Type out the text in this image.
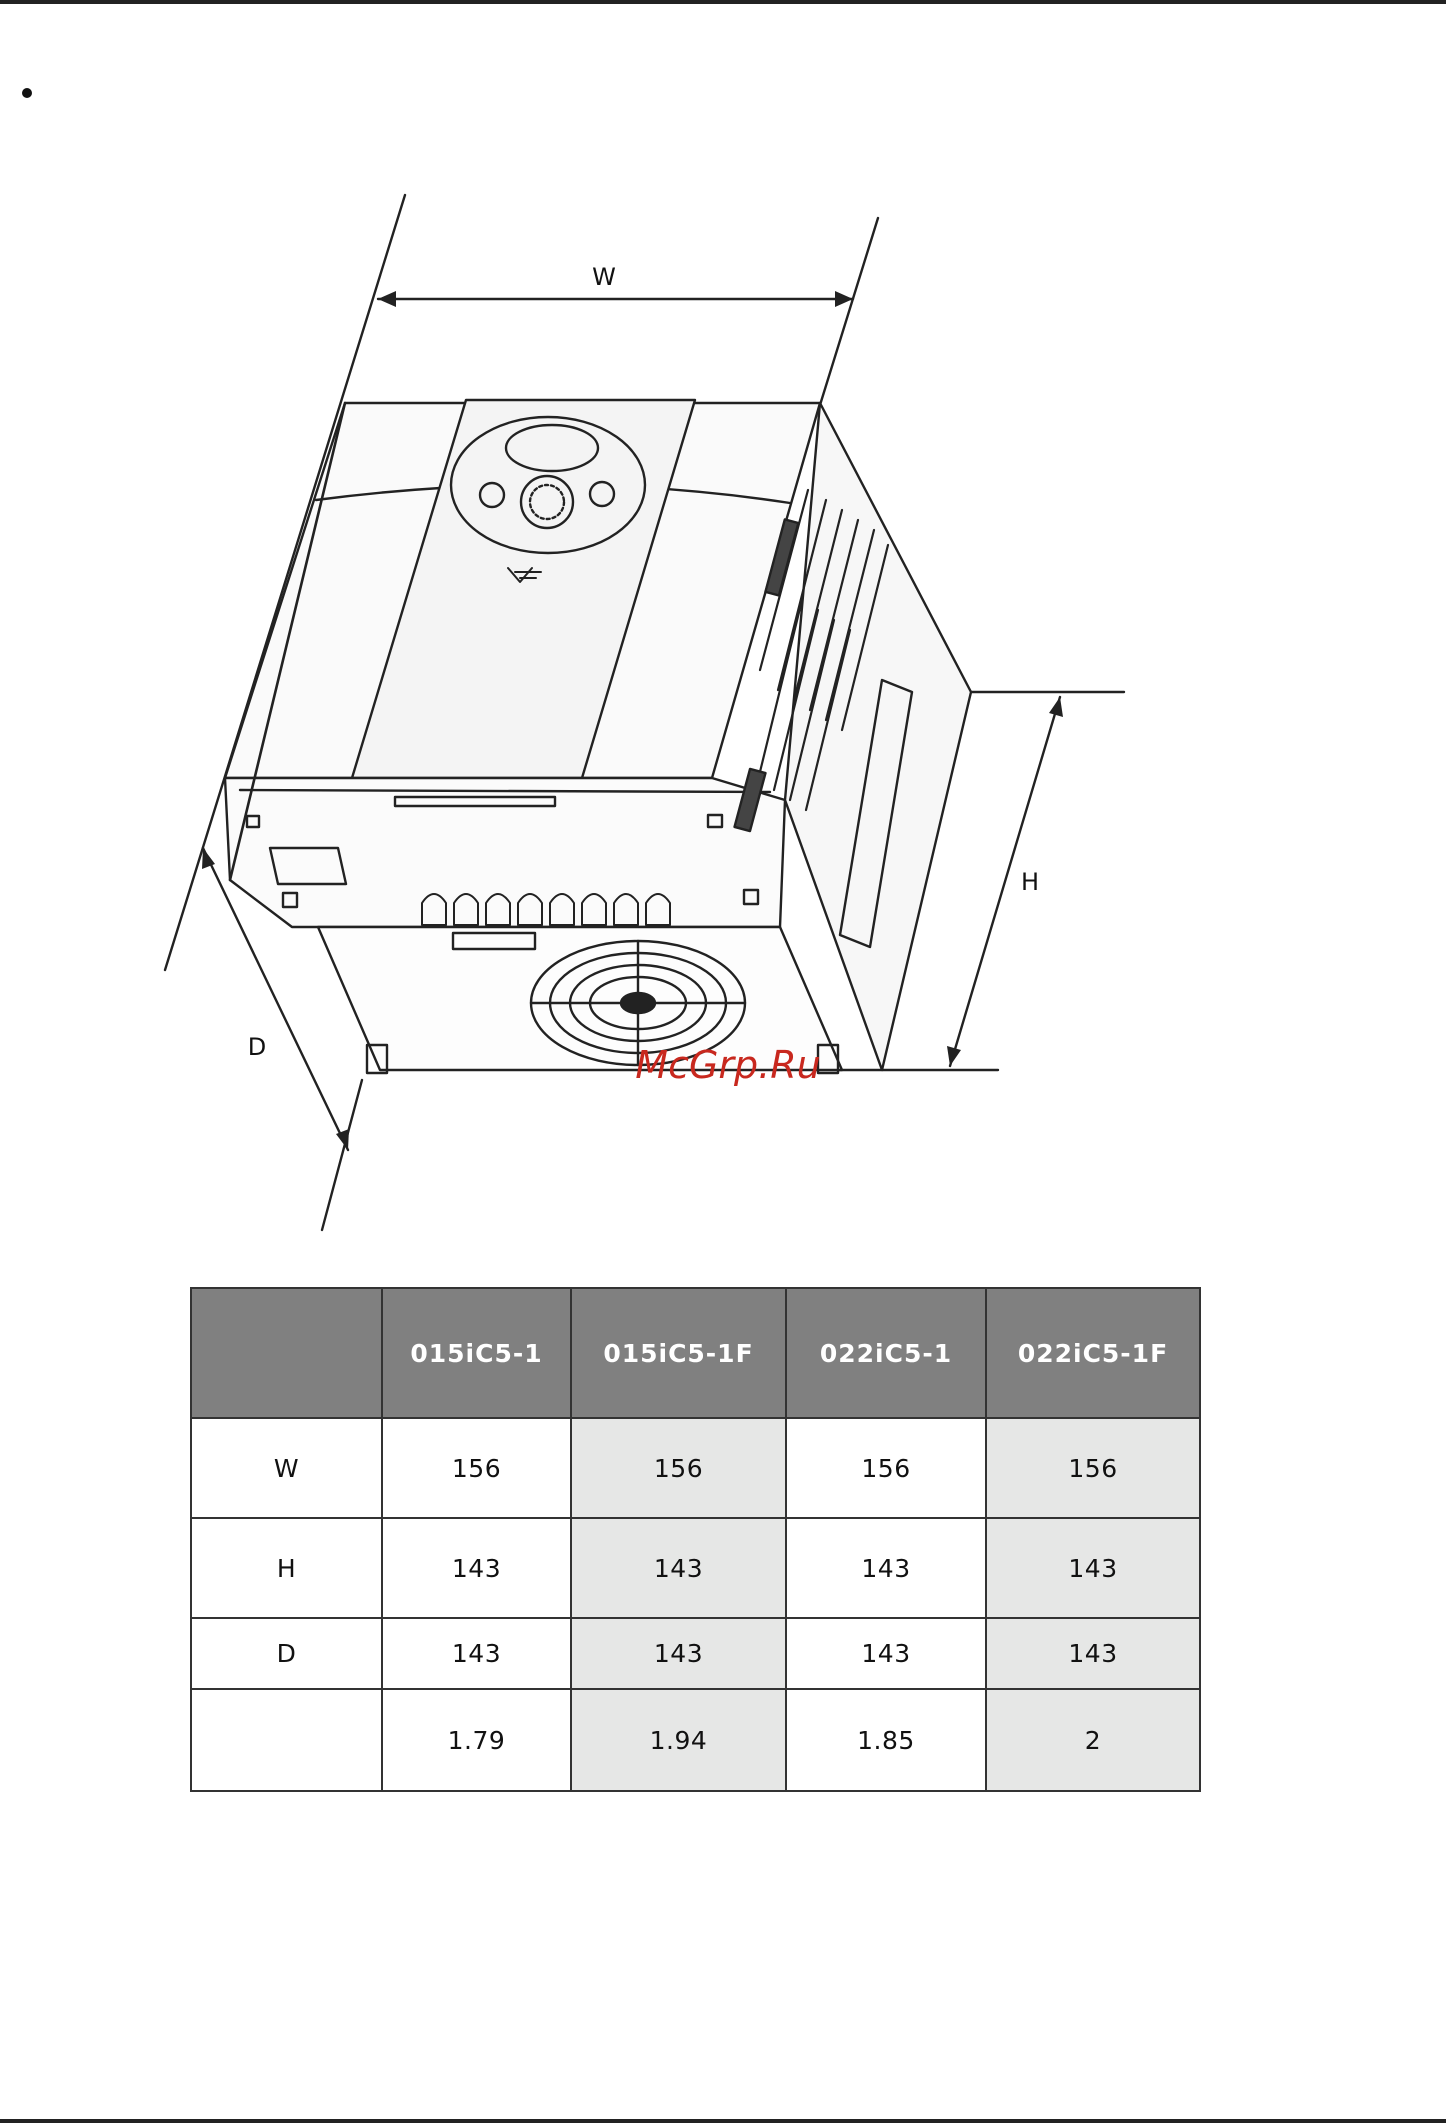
W
H
D	McGrp.Ru
	015iC5-1	015iC5-1F	022iC5-1	022iC5-1F
W	156	156	156	156
H	143	143	143	143
D	143	143	143	143
	1.79	1.94	1.85	2
